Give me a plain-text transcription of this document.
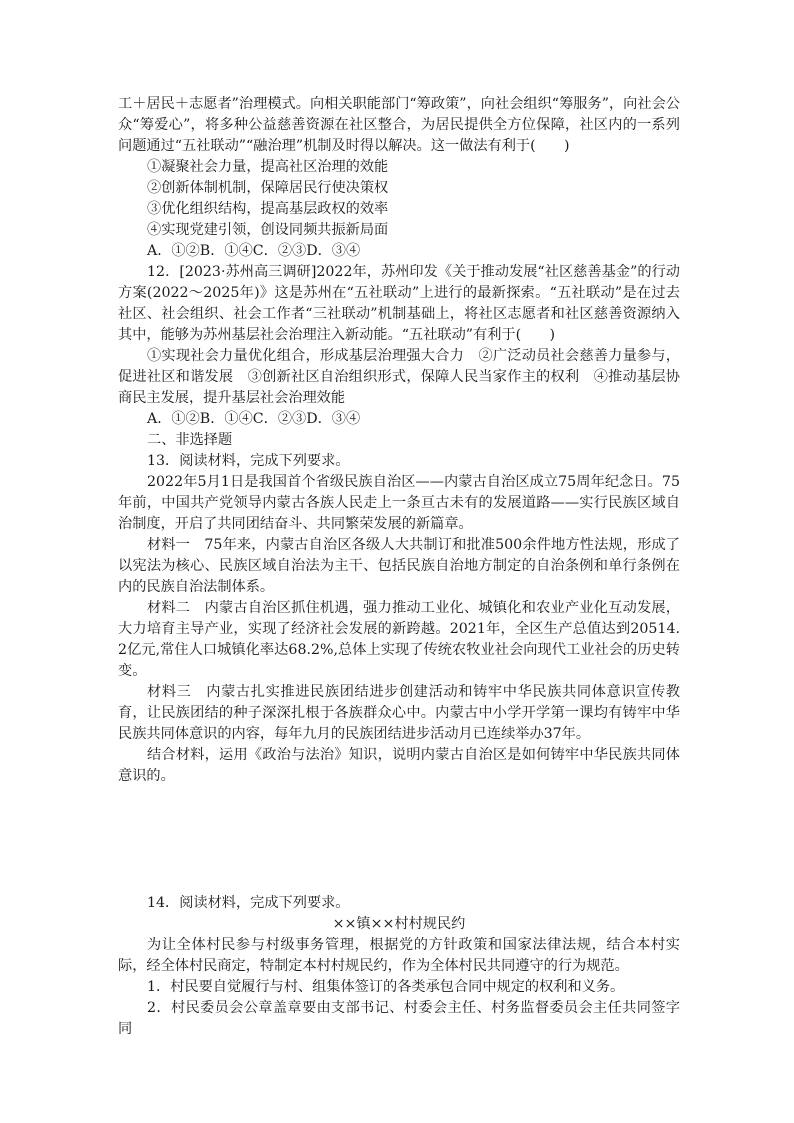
工＋居民＋志愿者”治理模式。向相关职能部门“筹政策”，向社会组织“筹服务”，向社会公众“筹爱心”，将多种公益慈善资源在社区整合，为居民提供全方位保障，社区内的一系列问题通过“五社联动”“融治理”机制及时得以解决。这一做法有利于(　　)

①凝聚社会力量，提高社区治理的效能

②创新体制机制，保障居民行使决策权

③优化组织结构，提高基层政权的效率

④实现党建引领，创设同频共振新局面

A．①②B．①④C．②③D．③④

12．[2023·苏州高三调研]2022年，苏州印发《关于推动发展“社区慈善基金”的行动方案(2022～2025年)》这是苏州在“五社联动”上进行的最新探索。“五社联动”是在过去社区、社会组织、社会工作者“三社联动”机制基础上，将社区志愿者和社区慈善资源纳入其中，能够为苏州基层社会治理注入新动能。“五社联动”有利于(　　)

①实现社会力量优化组合，形成基层治理强大合力　②广泛动员社会慈善力量参与，促进社区和谐发展　③创新社区自治组织形式，保障人民当家作主的权利　④推动基层协商民主发展，提升基层社会治理效能

A．①②B．①④C．②③D．③④

二、非选择题

13．阅读材料，完成下列要求。

2022年5月1日是我国首个省级民族自治区——内蒙古自治区成立75周年纪念日。75年前，中国共产党领导内蒙古各族人民走上一条亘古未有的发展道路——实行民族区域自治制度，开启了共同团结奋斗、共同繁荣发展的新篇章。

材料一　75年来，内蒙古自治区各级人大共制订和批准500余件地方性法规，形成了以宪法为核心、民族区域自治法为主干、包括民族自治地方制定的自治条例和单行条例在内的民族自治法制体系。

材料二　内蒙古自治区抓住机遇，强力推动工业化、城镇化和农业产业化互动发展，大力培育主导产业，实现了经济社会发展的新跨越。2021年，全区生产总值达到20514.2亿元,常住人口城镇化率达68.2%,总体上实现了传统农牧业社会向现代工业社会的历史转变。

材料三　内蒙古扎实推进民族团结进步创建活动和铸牢中华民族共同体意识宣传教育，让民族团结的种子深深扎根于各族群众心中。内蒙古中小学开学第一课均有铸牢中华民族共同体意识的内容，每年九月的民族团结进步活动月已连续举办37年。

结合材料，运用《政治与法治》知识，说明内蒙古自治区是如何铸牢中华民族共同体意识的。

14．阅读材料，完成下列要求。

××镇××村村规民约

为让全体村民参与村级事务管理，根据党的方针政策和国家法律法规，结合本村实际，经全体村民商定，特制定本村村规民约，作为全体村民共同遵守的行为规范。

1．村民要自觉履行与村、组集体签订的各类承包合同中规定的权利和义务。

2．村民委员会公章盖章要由支部书记、村委会主任、村务监督委员会主任共同签字同
